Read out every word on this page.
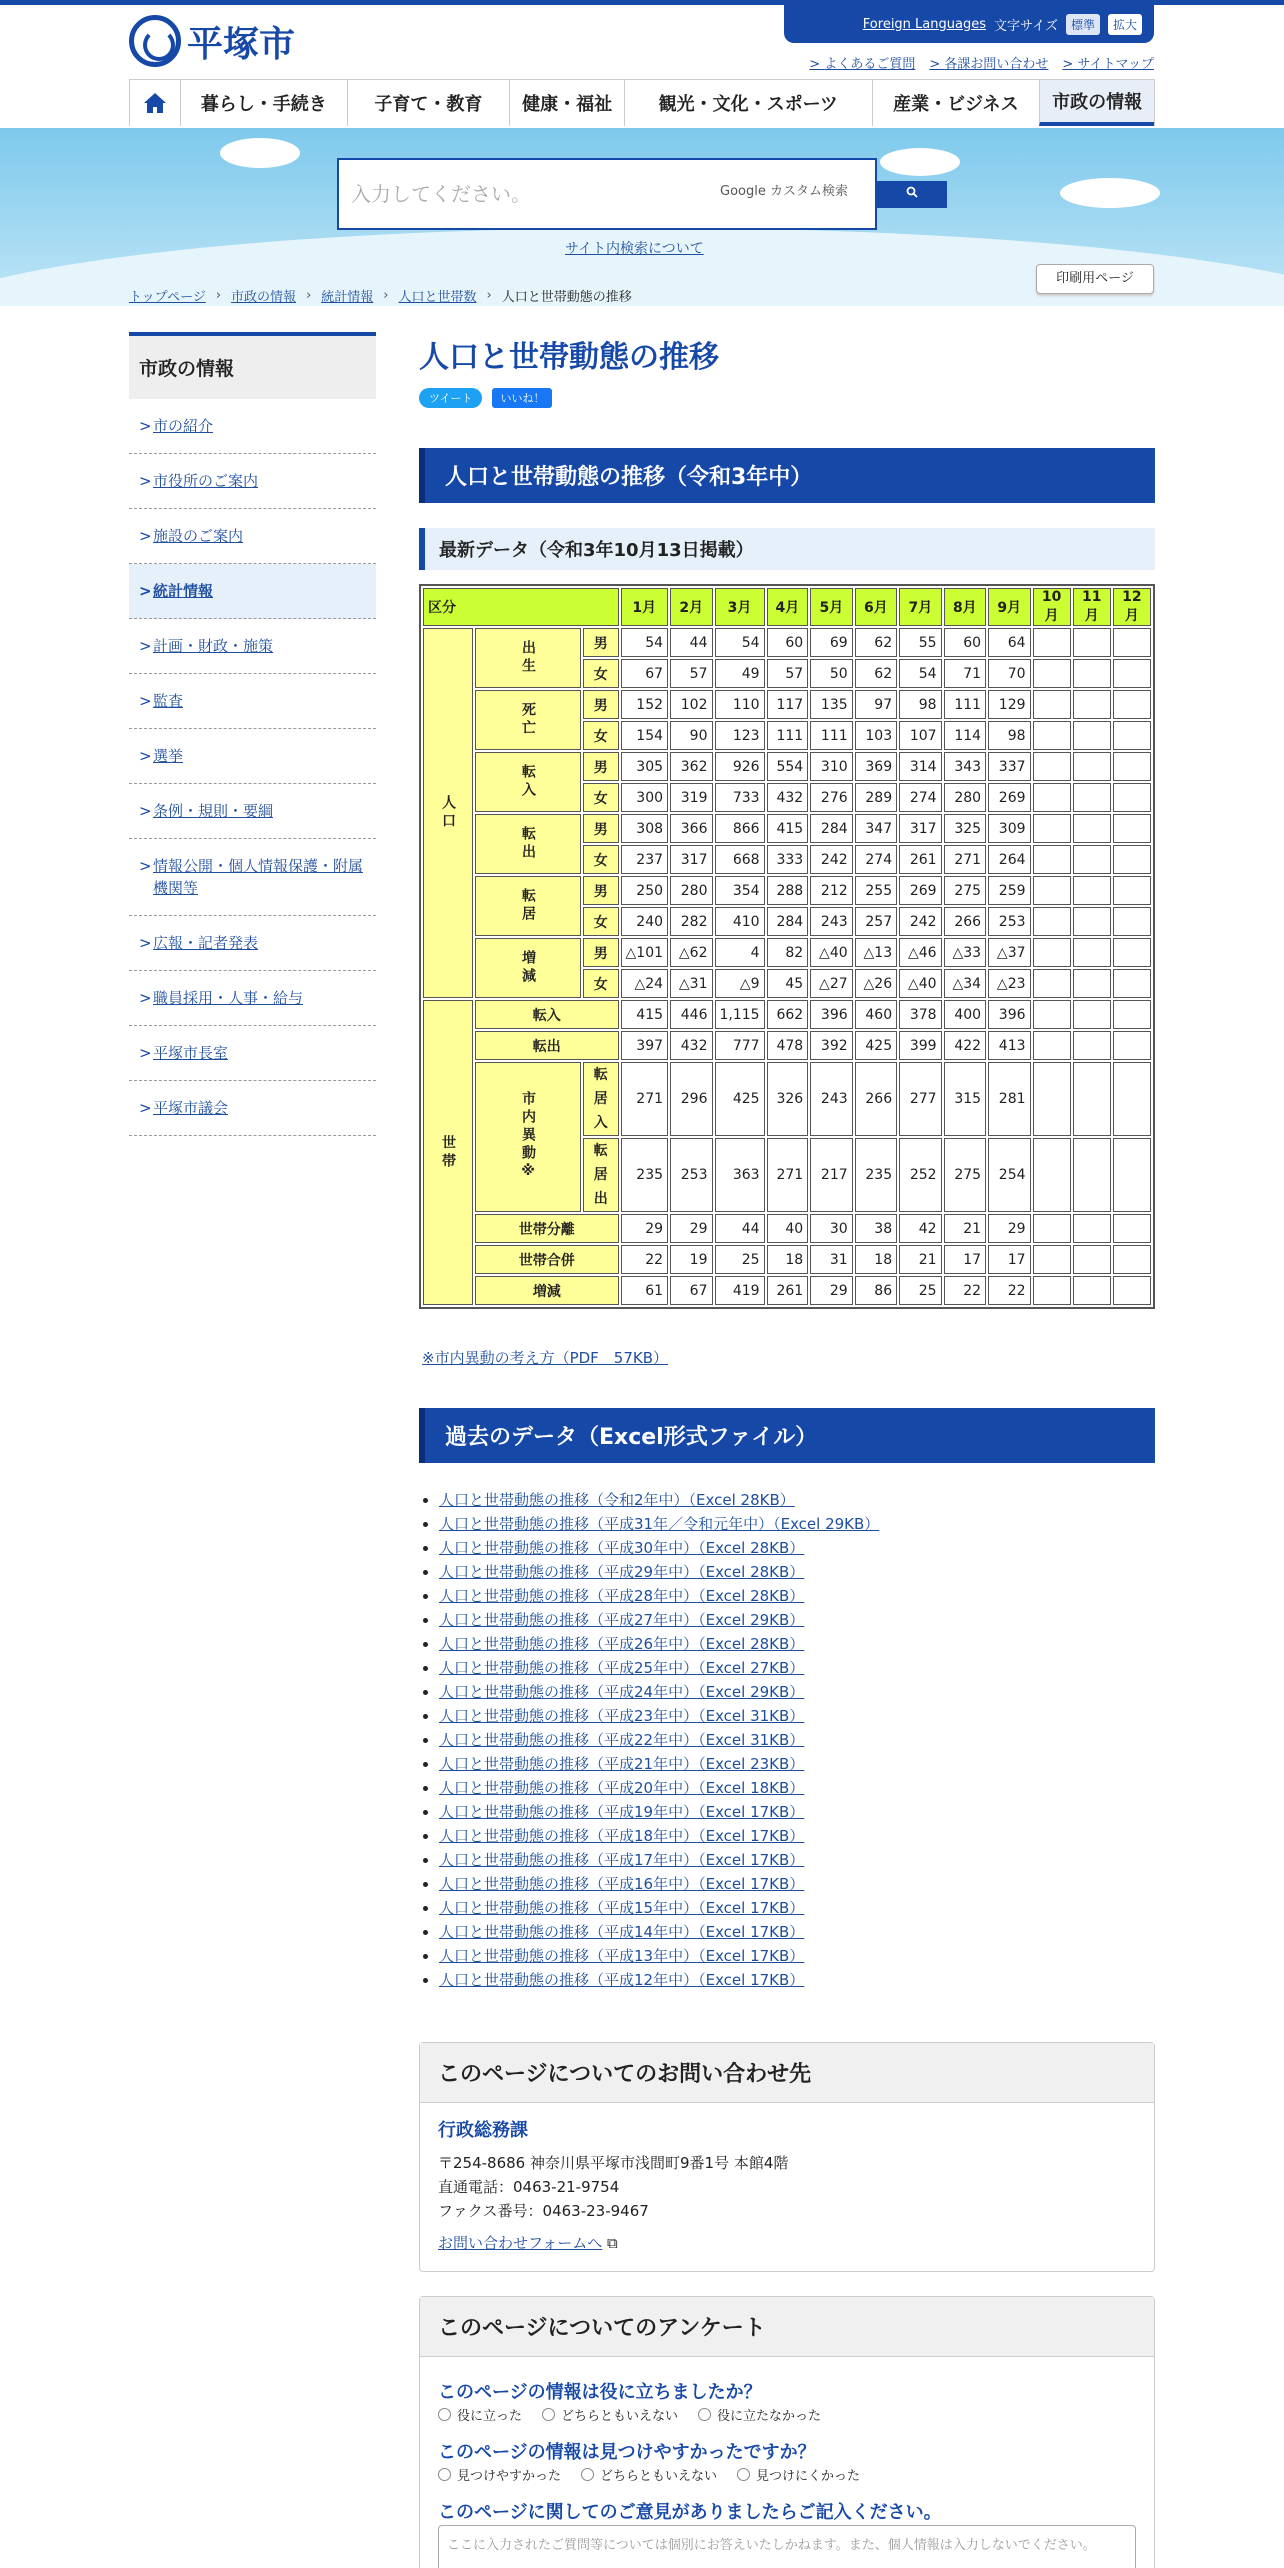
平塚市	Foreign Languages 文字サイズ	標準	拡大
> よくあるご質問	> 各課お問い合わせ	> サイトマップ
暮らし・手続き	子育て・教育	健康・福祉	観光・文化・スポーツ	産業・ビジネス	市政の情報
入力してください。	Google カスタム検索
サイト内検索について
印刷用ページ
トップページ › 市政の情報 › 統計情報 › 人口と世帯数 › 人口と世帯動態の推移
市政の情報
> 市の紹介
> 市役所のご案内
> 施設のご案内
> 統計情報
> 計画・財政・施策
> 監査
> 選挙
> 条例・規則・要綱
> 情報公開・個人情報保護・附属機関等
> 広報・記者発表
> 職員採用・人事・給与
> 平塚市長室
> 平塚市議会
人口と世帯動態の推移
ツイート	いいね！
人口と世帯動態の推移（令和3年中）
最新データ（令和3年10月13日掲載）
区分			1月	2月	3月	4月	5月	6月	7月	8月	9月	10月	11月	12月
人口	出生	男	54	44	54	60	69	62	55	60	64			
		女	67	57	49	57	50	62	54	71	70			
	死亡	男	152	102	110	117	135	97	98	111	129			
		女	154	90	123	111	111	103	107	114	98			
	転入	男	305	362	926	554	310	369	314	343	337			
		女	300	319	733	432	276	289	274	280	269			
	転出	男	308	366	866	415	284	347	317	325	309			
		女	237	317	668	333	242	274	261	271	264			
	転居	男	250	280	354	288	212	255	269	275	259			
		女	240	282	410	284	243	257	242	266	253			
	増減	男	△101	△62	4	82	△40	△13	△46	△33	△37			
		女	△24	△31	△9	45	△27	△26	△40	△34	△23			
世帯	転入		415	446	1,115	662	396	460	378	400	396			
	転出		397	432	777	478	392	425	399	422	413			
	市内異動※	転居入	271	296	425	326	243	266	277	315	281			
		転居出	235	253	363	271	217	235	252	275	254			
	世帯分離		29	29	44	40	30	38	42	21	29			
	世帯合併		22	19	25	18	31	18	21	17	17			
	増減		61	67	419	261	29	86	25	22	22			

※市内異動の考え方（PDF　57KB）

過去のデータ（Excel形式ファイル）
• 人口と世帯動態の推移（令和2年中）（Excel 28KB）
• 人口と世帯動態の推移（平成31年／令和元年中）（Excel 29KB）
• 人口と世帯動態の推移（平成30年中）（Excel 28KB）
• 人口と世帯動態の推移（平成29年中）（Excel 28KB）
• 人口と世帯動態の推移（平成28年中）（Excel 28KB）
• 人口と世帯動態の推移（平成27年中）（Excel 29KB）
• 人口と世帯動態の推移（平成26年中）（Excel 28KB）
• 人口と世帯動態の推移（平成25年中）（Excel 27KB）
• 人口と世帯動態の推移（平成24年中）（Excel 29KB）
• 人口と世帯動態の推移（平成23年中）（Excel 31KB）
• 人口と世帯動態の推移（平成22年中）（Excel 31KB）
• 人口と世帯動態の推移（平成21年中）（Excel 23KB）
• 人口と世帯動態の推移（平成20年中）（Excel 18KB）
• 人口と世帯動態の推移（平成19年中）（Excel 17KB）
• 人口と世帯動態の推移（平成18年中）（Excel 17KB）
• 人口と世帯動態の推移（平成17年中）（Excel 17KB）
• 人口と世帯動態の推移（平成16年中）（Excel 17KB）
• 人口と世帯動態の推移（平成15年中）（Excel 17KB）
• 人口と世帯動態の推移（平成14年中）（Excel 17KB）
• 人口と世帯動態の推移（平成13年中）（Excel 17KB）
• 人口と世帯動態の推移（平成12年中）（Excel 17KB）
このページについてのお問い合わせ先
行政総務課
〒254-8686 神奈川県平塚市浅間町9番1号 本館4階
直通電話：0463-21-9754
ファクス番号：0463-23-9467
お問い合わせフォームへ ⧉
このページについてのアンケート
このページの情報は役に立ちましたか？
役に立った	どちらともいえない	役に立たなかった
このページの情報は見つけやすかったですか？
見つけやすかった	どちらともいえない	見つけにくかった
このページに関してのご意見がありましたらご記入ください。
ここに入力されたご質問等については個別にお答えいたしかねます。また、個人情報は入力しないでください。
